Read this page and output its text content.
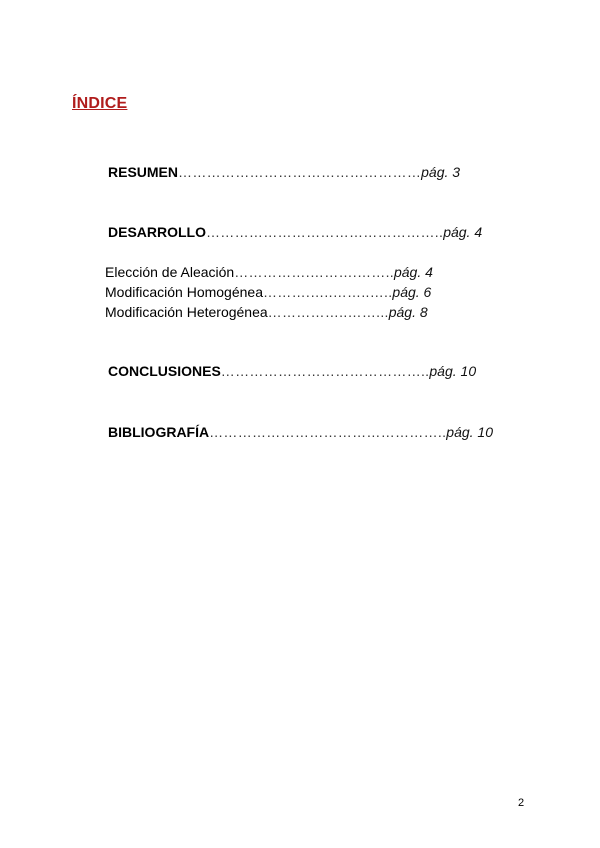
ÍNDICE
RESUMEN……………………………………………pág. 3
DESARROLLO…………………………………………..pág. 4
Elección de Aleación…………….……….……..pág. 4
Modificación Homogénea……….…..……..…..pág. 6
Modificación Heterogénea……………..……...pág. 8
CONCLUSIONES……………………………………..pág. 10
BIBLIOGRAFÍA…………………………………………..pág. 10
2
